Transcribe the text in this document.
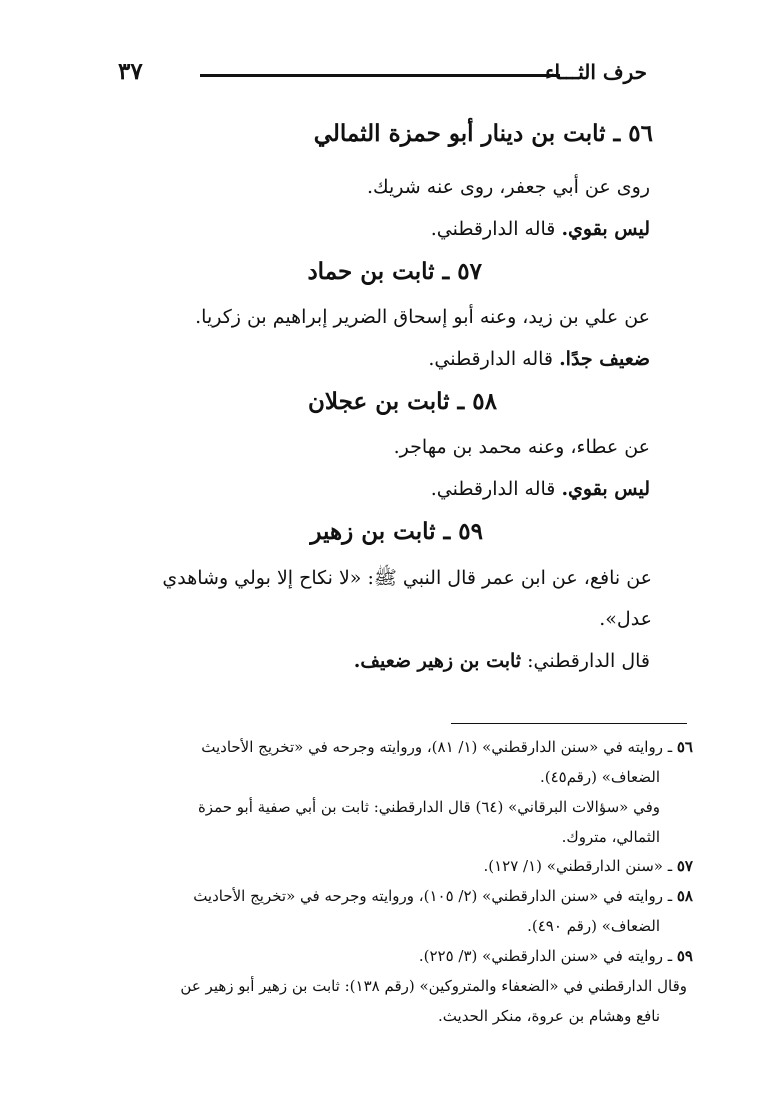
٣٧	حرف الثـــاء
٥٦ ـ ثابت بن دينار أبو حمزة الثمالي
روى عن أبي جعفر، روى عنه شريك.
ليس بقوي. قاله الدارقطني.
٥٧ ـ ثابت بن حماد
عن علي بن زيد، وعنه أبو إسحاق الضرير إبراهيم بن زكريا.
ضعيف جدًا. قاله الدارقطني.
٥٨ ـ ثابت بن عجلان
عن عطاء، وعنه محمد بن مهاجر.
ليس بقوي. قاله الدارقطني.
٥٩ ـ ثابت بن زهير
عن نافع، عن ابن عمر قال النبي ﷺ: «لا نكاح إلا بولي وشاهدي
عدل».
قال الدارقطني: ثابت بن زهير ضعيف.
٥٦ ـ روايته في «سنن الدارقطني» (١/ ٨١)، وروايته وجرحه في «تخريج الأحاديث
الضعاف» (رقم٤٥).
وفي «سؤالات البرقاني» (٦٤) قال الدارقطني: ثابت بن أبي صفية أبو حمزة
الثمالي، متروك.
٥٧ ـ «سنن الدارقطني» (١/ ١٢٧).
٥٨ ـ روايته في «سنن الدارقطني» (٢/ ١٠٥)، وروايته وجرحه في «تخريج الأحاديث
الضعاف» (رقم ٤٩٠).
٥٩ ـ روايته في «سنن الدارقطني» (٣/ ٢٢٥).
وقال الدارقطني في «الضعفاء والمتروكين» (رقم ١٣٨): ثابت بن زهير أبو زهير عن
نافع وهشام بن عروة، منكر الحديث.
